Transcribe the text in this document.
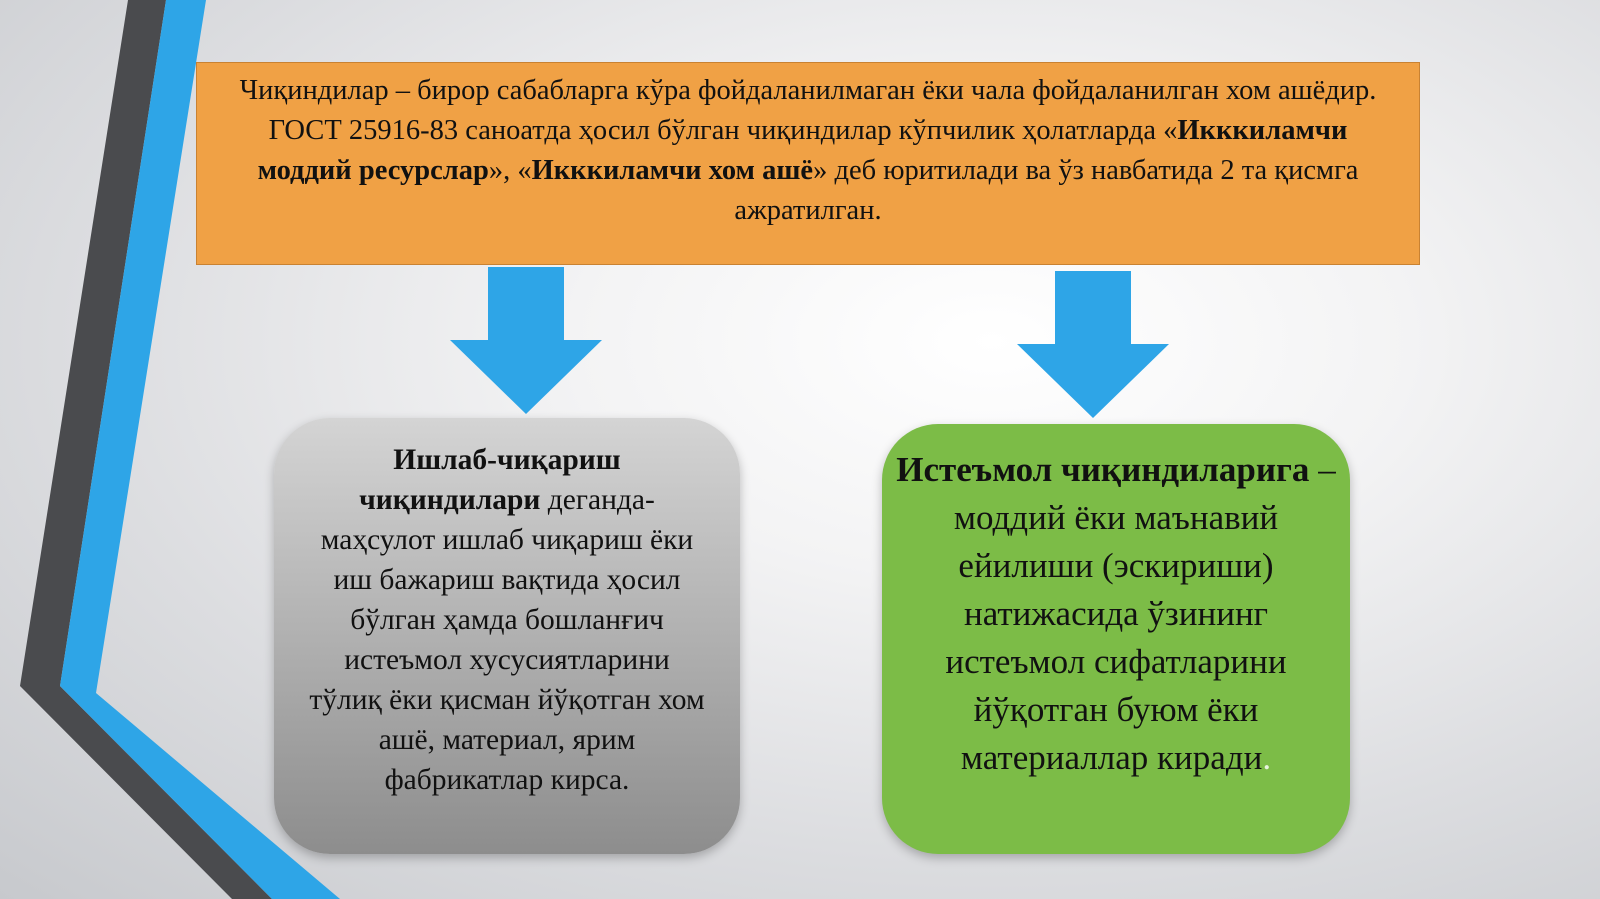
Чиқиндилар – бирор сабабларга кўра фойдаланилмаган ёки чала фойдаланилган хом ашёдир. ГОСТ 25916-83 саноатда ҳосил бўлган чиқиндилар кўпчилик ҳолатларда «Икккиламчи моддий ресурслар», «Икккиламчи хом ашё» деб юритилади ва ўз навбатида 2 та қисмга ажратилган.
Ишлаб-чиқариш чиқиндилари деганда- маҳсулот ишлаб чиқариш ёки иш бажариш вақтида ҳосил бўлган ҳамда бошланғич истеъмол хусусиятларини тўлиқ ёки қисман йўқотган хом ашё, материал, ярим фабрикатлар кирса.
Истеъмол чиқиндиларига – моддий ёки маънавий ейилиши (эскириши) натижасида ўзининг истеъмол сифатларини йўқотган буюм ёки материаллар киради.
